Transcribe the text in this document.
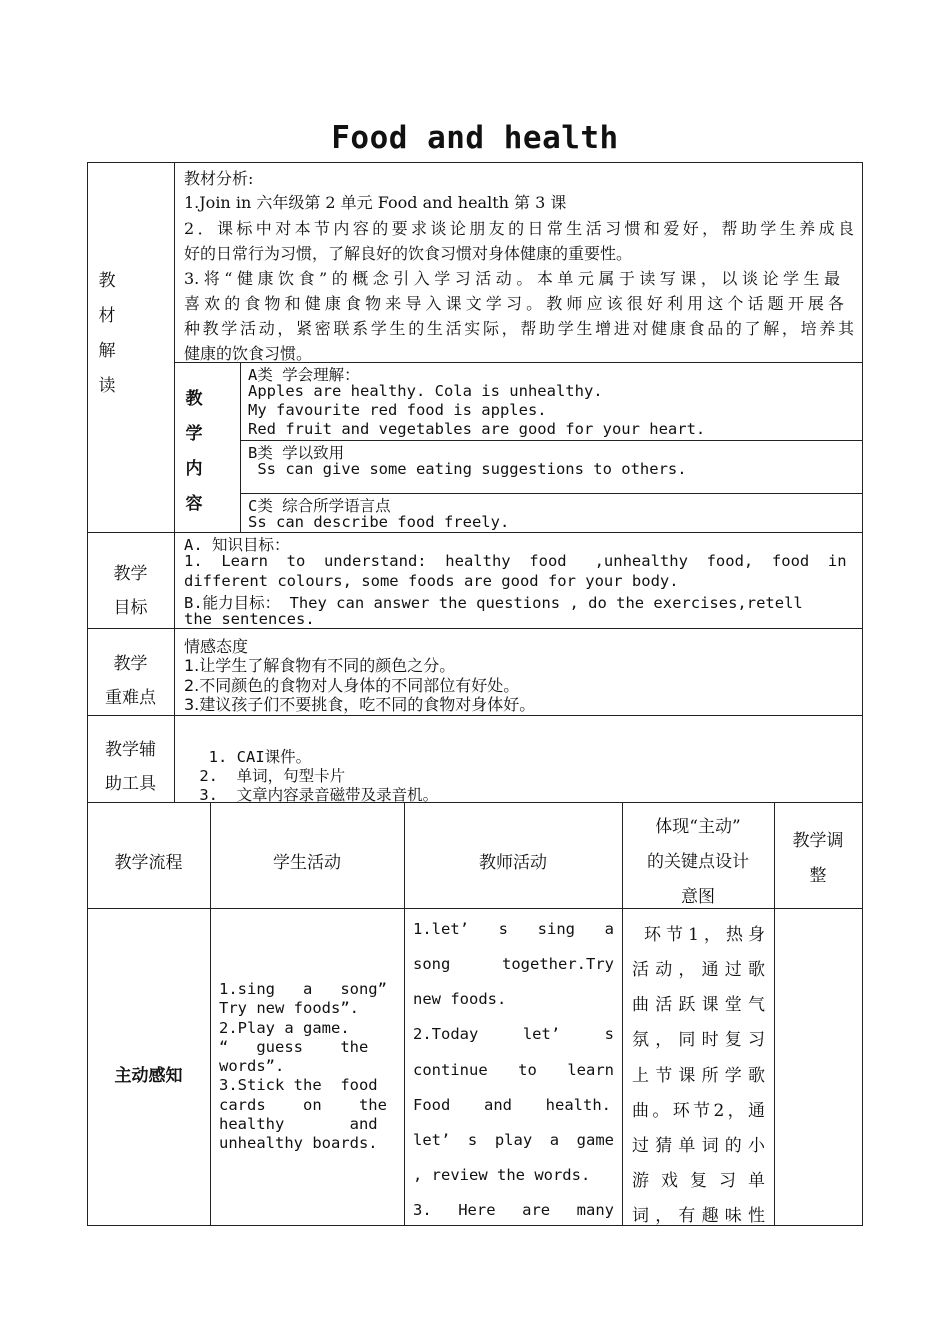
Food and health
教
材
解
读
教材分析:
1.Join in 六年级第 2 单元 Food and health 第 3 课
2．课标中对本节内容的要求谈论朋友的日常生活习惯和爱好，帮助学生养成良
好的日常行为习惯，了解良好的饮食习惯对身体健康的重要性。
3.将“健康饮食”的概念引入学习活动。本单元属于读写课，以谈论学生最
喜欢的食物和健康食物来导入课文学习。教师应该很好利用这个话题开展各
种教学活动，紧密联系学生的生活实际，帮助学生增进对健康食品的了解，培养其
健康的饮食习惯。
教
学
内
容
A类 学会理解：
Apples are healthy. Cola is unhealthy.
My favourite red food is apples.
Red fruit and vegetables are good for your heart.
B类 学以致用
Ss can give some eating suggestions to others.
C类 综合所学语言点
Ss can describe food freely.
教学
目标
A. 知识目标：
1.  Learn  to  understand:  healthy  food   ,unhealthy  food,  food  in
different colours, some foods are good for your body.
B.能力目标： They can answer the questions , do the exercises,retell
the sentences.
教学
重难点
情感态度
1.让学生了解食物有不同的颜色之分。
2.不同颜色的食物对人身体的不同部位有好处。
3.建议孩子们不要挑食，吃不同的食物对身体好。
教学辅
助工具
1. CAI课件。
2.  单词，句型卡片
3.  文章内容录音磁带及录音机。
教学流程	学生活动	教师活动
体现“主动”
的关键点设计
意图
教学调
整
主动感知
1.sing   a   song”
Try new foods”.
2.Play a game.
“   guess    the
words”.
3.Stick the  food
cards    on    the
healthy       and
unhealthy boards.
1.let’ s sing a
song together.Try
new foods.
2.Today let’ s
continue to learn
Food and health.
let’ s play a game
, review the words.
3. Here are many
环节1，热身
活动，通过歌
曲活跃课堂气
氛，同时复习
上节课所学歌
曲。环节2，通
过猜单词的小
游戏复习单
词，有趣味性
